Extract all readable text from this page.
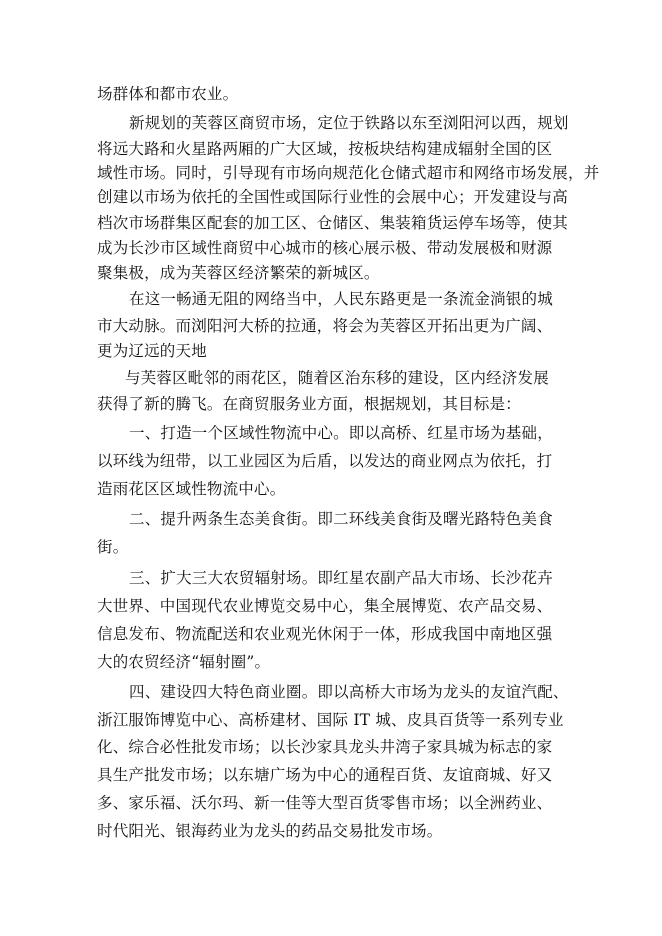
场群体和都市农业。
新规划的芙蓉区商贸市场，定位于铁路以东至浏阳河以西，规划
将远大路和火星路两厢的广大区域，按板块结构建成辐射全国的区
域性市场。同时，引导现有市场向规范化仓储式超市和网络市场发展，并
创建以市场为依托的全国性或国际行业性的会展中心；开发建设与高
档次市场群集区配套的加工区、仓储区、集装箱货运停车场等，使其
成为长沙市区域性商贸中心城市的核心展示极、带动发展极和财源
聚集极，成为芙蓉区经济繁荣的新城区。
在这一畅通无阻的网络当中，人民东路更是一条流金淌银的城
市大动脉。而浏阳河大桥的拉通，将会为芙蓉区开拓出更为广阔、
更为辽远的天地
与芙蓉区毗邻的雨花区，随着区治东移的建设，区内经济发展
获得了新的腾飞。在商贸服务业方面，根据规划，其目标是：
一、打造一个区域性物流中心。即以高桥、红星市场为基础，
以环线为纽带，以工业园区为后盾，以发达的商业网点为依托，打
造雨花区区域性物流中心。
二、提升两条生态美食街。即二环线美食街及曙光路特色美食
街。
三、扩大三大农贸辐射场。即红星农副产品大市场、长沙花卉
大世界、中国现代农业博览交易中心，集全展博览、农产品交易、
信息发布、物流配送和农业观光休闲于一体，形成我国中南地区强
大的农贸经济“辐射圈”。
四、建设四大特色商业圈。即以高桥大市场为龙头的友谊汽配、
浙江服饰博览中心、高桥建材、国际 IT 城、皮具百货等一系列专业
化、综合必性批发市场；以长沙家具龙头井湾子家具城为标志的家
具生产批发市场；以东塘广场为中心的通程百货、友谊商城、好又
多、家乐福、沃尔玛、新一佳等大型百货零售市场；以全洲药业、
时代阳光、银海药业为龙头的药品交易批发市场。
